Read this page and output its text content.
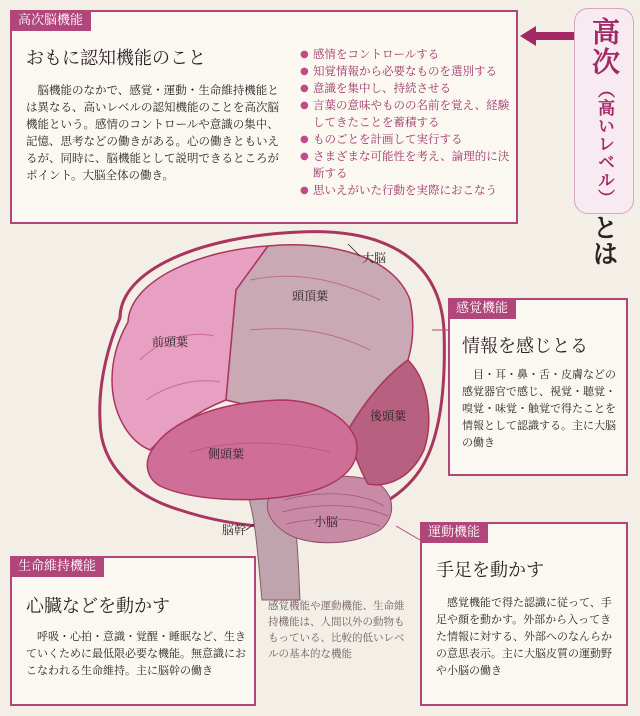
大脳
前頭葉
頭頂葉
後頭葉
側頭葉
小脳
脳幹
高次脳機能
おもに認知機能のこと
脳機能のなかで、感覚・運動・生命維持機能とは異なる、高いレベルの認知機能のことを高次脳機能という。感情のコントロールや意識の集中、記憶、思考などの働きがある。心の働きともいえるが、同時に、脳機能として説明できるところがポイント。大脳全体の働き。
● 感情をコントロールする
● 知覚情報から必要なものを選別する
● 意識を集中し、持続させる
● 言葉の意味やものの名前を覚え、経験してきたことを蓄積する
● ものごとを計画して実行する
● さまざまな可能性を考え、論理的に決断する
● 思いえがいた行動を実際におこなう
高次
（高いレベル）
とは
感覚機能
情報を感じとる
目・耳・鼻・舌・皮膚などの感覚器官で感じ、視覚・聴覚・嗅覚・味覚・触覚で得たことを情報として認識する。主に大脳の働き
運動機能
手足を動かす
感覚機能で得た認識に従って、手足や顔を動かす。外部から入ってきた情報に対する、外部へのなんらかの意思表示。主に大脳皮質の運動野や小脳の働き
生命維持機能
心臓などを動かす
呼吸・心拍・意識・覚醒・睡眠など、生きていくために最低限必要な機能。無意識におこなわれる生命維持。主に脳幹の働き
感覚機能や運動機能、生命維持機能は、人間以外の動物ももっている、比較的低いレベルの基本的な機能
